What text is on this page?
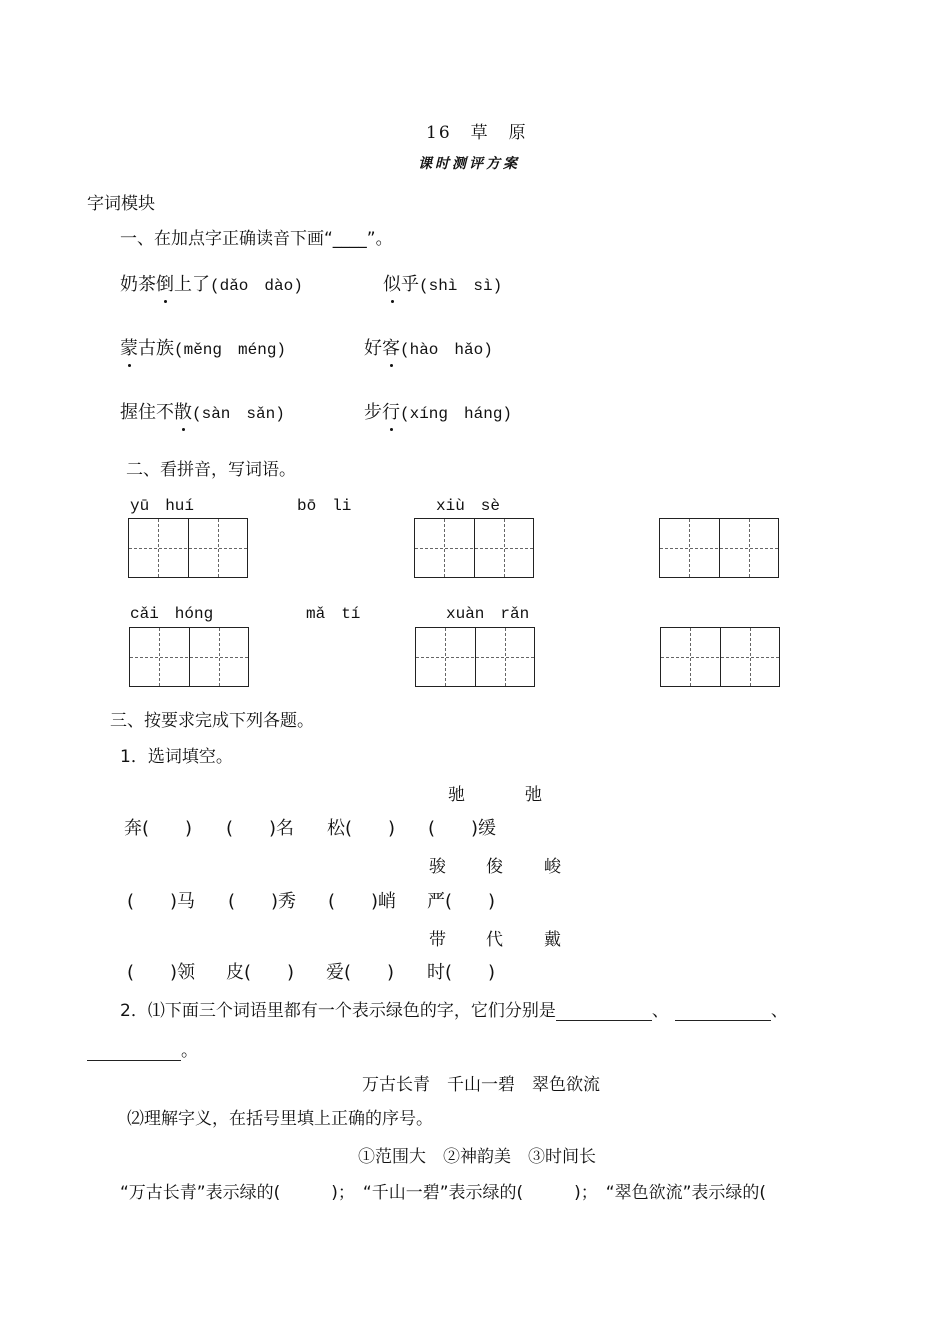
16　草　原
课时测评方案
字词模块
一、在加点字正确读音下画“____”。
奶茶倒上了(dǎo　dào)	似乎(shì　sì)
蒙古族(měng　méng)	好客(hào　hǎo)
握住不散(sàn　sǎn)	步行(xíng　háng)
二、看拼音，写词语。
yū　huí	bō　li	xiù　sè
cǎi　hóng	mǎ　tí	xuàn　rǎn
三、按要求完成下列各题。
1．选词填空。
驰	弛
奔(　　) (　　)名 松(　　) (　　)缓
骏 俊 峻
(　　)马 (　　)秀 (　　)峭 严(　　)
带 代 戴
(　　)领 皮(　　) 爱(　　) 时(　　)
2．⑴下面三个词语里都有一个表示绿色的字，它们分别是	、	、
。
万古长青　千山一碧　翠色欲流
⑵理解字义，在括号里填上正确的序号。
①范围大　②神韵美　③时间长
“万古长青”表示绿的(　　　)； “千山一碧”表示绿的(　　　)； “翠色欲流”表示绿的(
